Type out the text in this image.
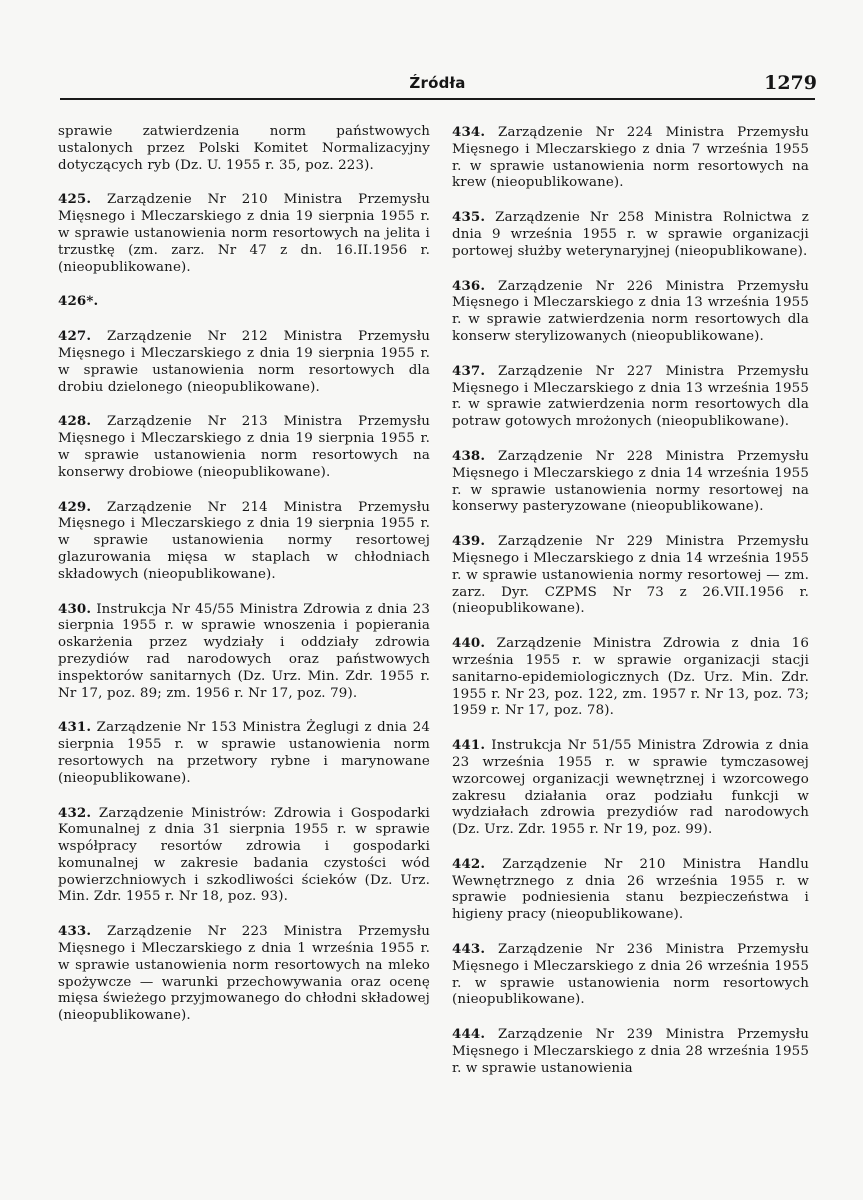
Źródła	1279

sprawie zatwierdzenia norm państwowych ustalonych przez Polski Komitet Normalizacyjny dotyczących ryb (Dz. U. 1955 r. 35, poz. 223).

425. Zarządzenie Nr 210 Ministra Przemysłu Mięsnego i Mleczarskiego z dnia 19 sierpnia 1955 r. w sprawie ustanowienia norm resortowych na jelita i trzustkę (zm. zarz. Nr 47 z dn. 16.II.1956 r. (nieopublikowane).

426*.

427. Zarządzenie Nr 212 Ministra Przemysłu Mięsnego i Mleczarskiego z dnia 19 sierpnia 1955 r. w sprawie ustanowienia norm resortowych dla drobiu dzielonego (nieopublikowane).

428. Zarządzenie Nr 213 Ministra Przemysłu Mięsnego i Mleczarskiego z dnia 19 sierpnia 1955 r. w sprawie ustanowienia norm resortowych na konserwy drobiowe (nieopublikowane).

429. Zarządzenie Nr 214 Ministra Przemysłu Mięsnego i Mleczarskiego z dnia 19 sierpnia 1955 r. w sprawie ustanowienia normy resortowej glazurowania mięsa w staplach w chłodniach składowych (nieopublikowane).

430. Instrukcja Nr 45/55 Ministra Zdrowia z dnia 23 sierpnia 1955 r. w sprawie wnoszenia i popierania oskarżenia przez wydziały i oddziały zdrowia prezydiów rad narodowych oraz państwowych inspektorów sanitarnych (Dz. Urz. Min. Zdr. 1955 r. Nr 17, poz. 89; zm. 1956 r. Nr 17, poz. 79).

431. Zarządzenie Nr 153 Ministra Żeglugi z dnia 24 sierpnia 1955 r. w sprawie ustanowienia norm resortowych na przetwory rybne i marynowane (nieopublikowane).

432. Zarządzenie Ministrów: Zdrowia i Gospodarki Komunalnej z dnia 31 sierpnia 1955 r. w sprawie współpracy resortów zdrowia i gospodarki komunalnej w zakresie badania czystości wód powierzchniowych i szkodliwości ścieków (Dz. Urz. Min. Zdr. 1955 r. Nr 18, poz. 93).

433. Zarządzenie Nr 223 Ministra Przemysłu Mięsnego i Mleczarskiego z dnia 1 września 1955 r. w sprawie ustanowienia norm resortowych na mleko spożywcze — warunki przechowywania oraz ocenę mięsa świeżego przyjmowanego do chłodni składowej (nieopublikowane).

434. Zarządzenie Nr 224 Ministra Przemysłu Mięsnego i Mleczarskiego z dnia 7 września 1955 r. w sprawie ustanowienia norm resortowych na krew (nieopublikowane).

435. Zarządzenie Nr 258 Ministra Rolnictwa z dnia 9 września 1955 r. w sprawie organizacji portowej służby weterynaryjnej (nieopublikowane).

436. Zarządzenie Nr 226 Ministra Przemysłu Mięsnego i Mleczarskiego z dnia 13 września 1955 r. w sprawie zatwierdzenia norm resortowych dla konserw sterylizowanych (nieopublikowane).

437. Zarządzenie Nr 227 Ministra Przemysłu Mięsnego i Mleczarskiego z dnia 13 września 1955 r. w sprawie zatwierdzenia norm resortowych dla potraw gotowych mrożonych (nieopublikowane).

438. Zarządzenie Nr 228 Ministra Przemysłu Mięsnego i Mleczarskiego z dnia 14 września 1955 r. w sprawie ustanowienia normy resortowej na konserwy pasteryzowane (nieopublikowane).

439. Zarządzenie Nr 229 Ministra Przemysłu Mięsnego i Mleczarskiego z dnia 14 września 1955 r. w sprawie ustanowienia normy resortowej — zm. zarz. Dyr. CZPMS Nr 73 z 26.VII.1956 r. (nieopublikowane).

440. Zarządzenie Ministra Zdrowia z dnia 16 września 1955 r. w sprawie organizacji stacji sanitarno-epidemiologicznych (Dz. Urz. Min. Zdr. 1955 r. Nr 23, poz. 122, zm. 1957 r. Nr 13, poz. 73; 1959 r. Nr 17, poz. 78).

441. Instrukcja Nr 51/55 Ministra Zdrowia z dnia 23 września 1955 r. w sprawie tymczasowej wzorcowej organizacji wewnętrznej i wzorcowego zakresu działania oraz podziału funkcji w wydziałach zdrowia prezydiów rad narodowych (Dz. Urz. Zdr. 1955 r. Nr 19, poz. 99).

442. Zarządzenie Nr 210 Ministra Handlu Wewnętrznego z dnia 26 września 1955 r. w sprawie podniesienia stanu bezpieczeństwa i higieny pracy (nieopublikowane).

443. Zarządzenie Nr 236 Ministra Przemysłu Mięsnego i Mleczarskiego z dnia 26 września 1955 r. w sprawie ustanowienia norm resortowych (nieopublikowane).

444. Zarządzenie Nr 239 Ministra Przemysłu Mięsnego i Mleczarskiego z dnia 28 września 1955 r. w sprawie ustanowienia
